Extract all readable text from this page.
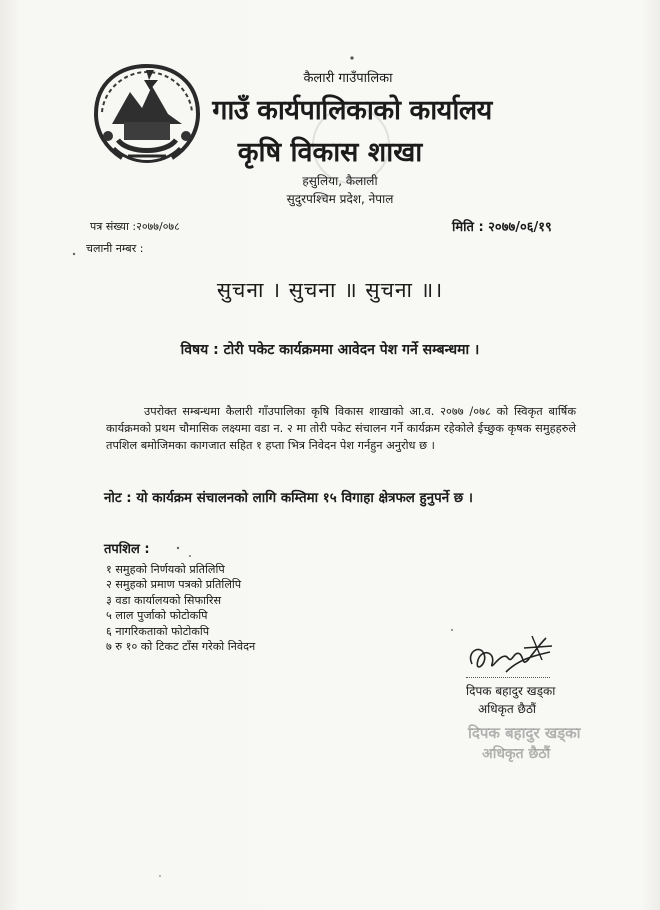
कैलारी गाउँपालिका
गाउँ कार्यपालिकाको कार्यालय
कृषि विकास शाखा
हसुलिया, कैलाली
सुदुरपश्चिम प्रदेश, नेपाल
पत्र संख्या :२०७७/०७८	मिति : २०७७/०६/१९
चलानी नम्बर :
सुचना । सुचना ॥ सुचना ॥।
विषय : टोरी पकेट कार्यक्रममा आवेदन पेश गर्ने सम्बन्धमा ।
उपरोक्त सम्बन्धमा कैलारी गाँउपालिका कृषि विकास शाखाको आ.व. २०७७ /०७८ को स्विकृत बार्षिक कार्यक्रमको प्रथम चौमासिक लक्ष्यमा वडा न. २ मा तोरी पकेट संचालन गर्ने कार्यक्रम रहेकोले ईच्छुक कृषक समुहहरुले तपशिल बमोजिमका कागजात सहित १ हप्ता भित्र निवेदन पेश गर्नहुन अनुरोध छ ।
नोट : यो कार्यक्रम संचालनको लागि कम्तिमा १५ विगाहा क्षेत्रफल हुनुपर्ने छ ।
तपशिल :
१ समुहको निर्णयको प्रतिलिपि
२ समुहको प्रमाण पत्रको प्रतिलिपि
३ वडा कार्यालयको सिफारिस
५ लाल पुर्जाको फोटोकपि
६ नागरिकताको फोटोकपि
७ रु १० को टिकट टाँस गरेको निवेदन
दिपक बहादुर खड्का
अधिकृत छैठौं
दिपक बहादुर खड्का
अधिकृत छैठौं
